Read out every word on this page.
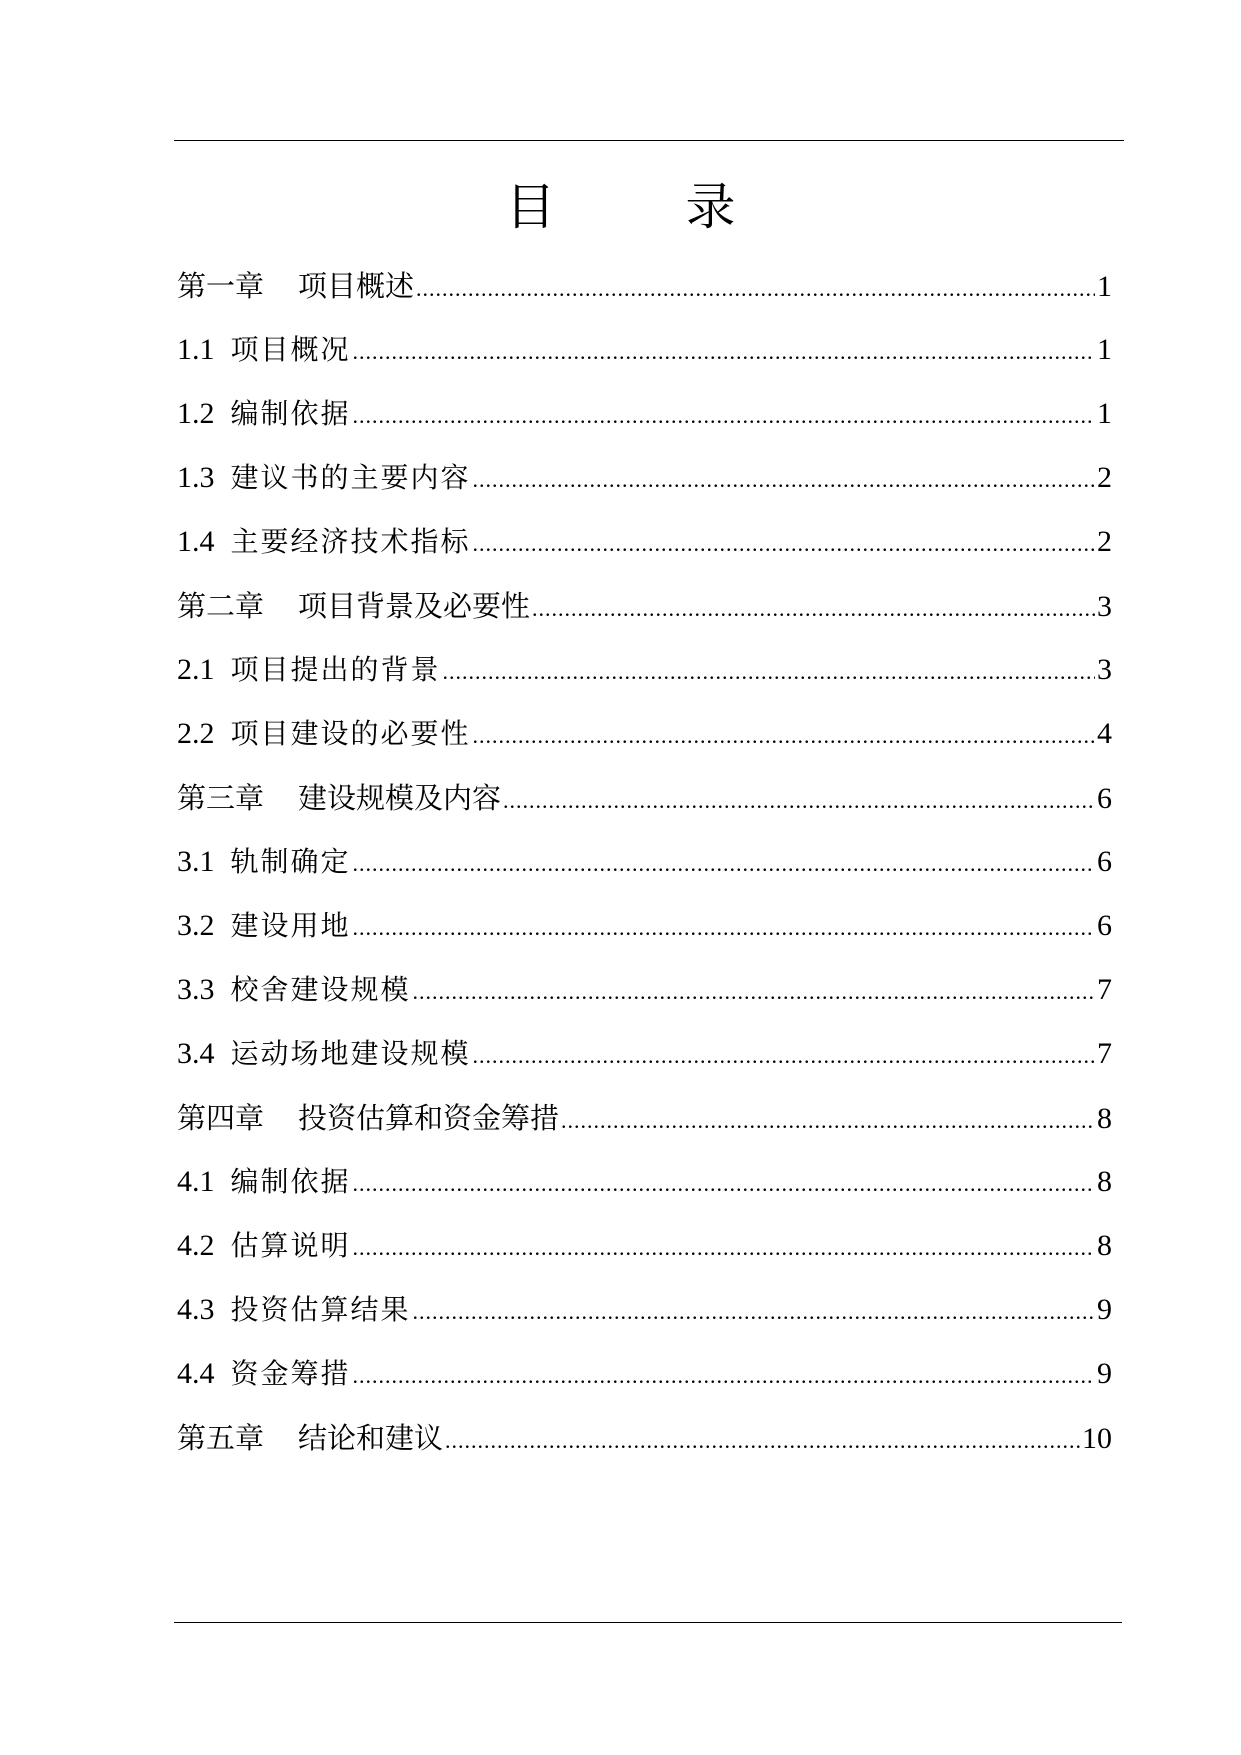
目　录
第一章	项目概述 .....	1
1.1 项目概况 .....	1
1.2 编制依据 .....	1
1.3 建议书的主要内容 .....	2
1.4 主要经济技术指标 .....	2
第二章	项目背景及必要性 .....	3
2.1 项目提出的背景 .....	3
2.2 项目建设的必要性 .....	4
第三章	建设规模及内容 .....	6
3.1 轨制确定 .....	6
3.2 建设用地 .....	6
3.3 校舍建设规模 .....	7
3.4 运动场地建设规模 .....	7
第四章	投资估算和资金筹措 .....	8
4.1 编制依据 .....	8
4.2 估算说明 .....	8
4.3 投资估算结果 .....	9
4.4 资金筹措 .....	9
第五章	结论和建议 .....	10
